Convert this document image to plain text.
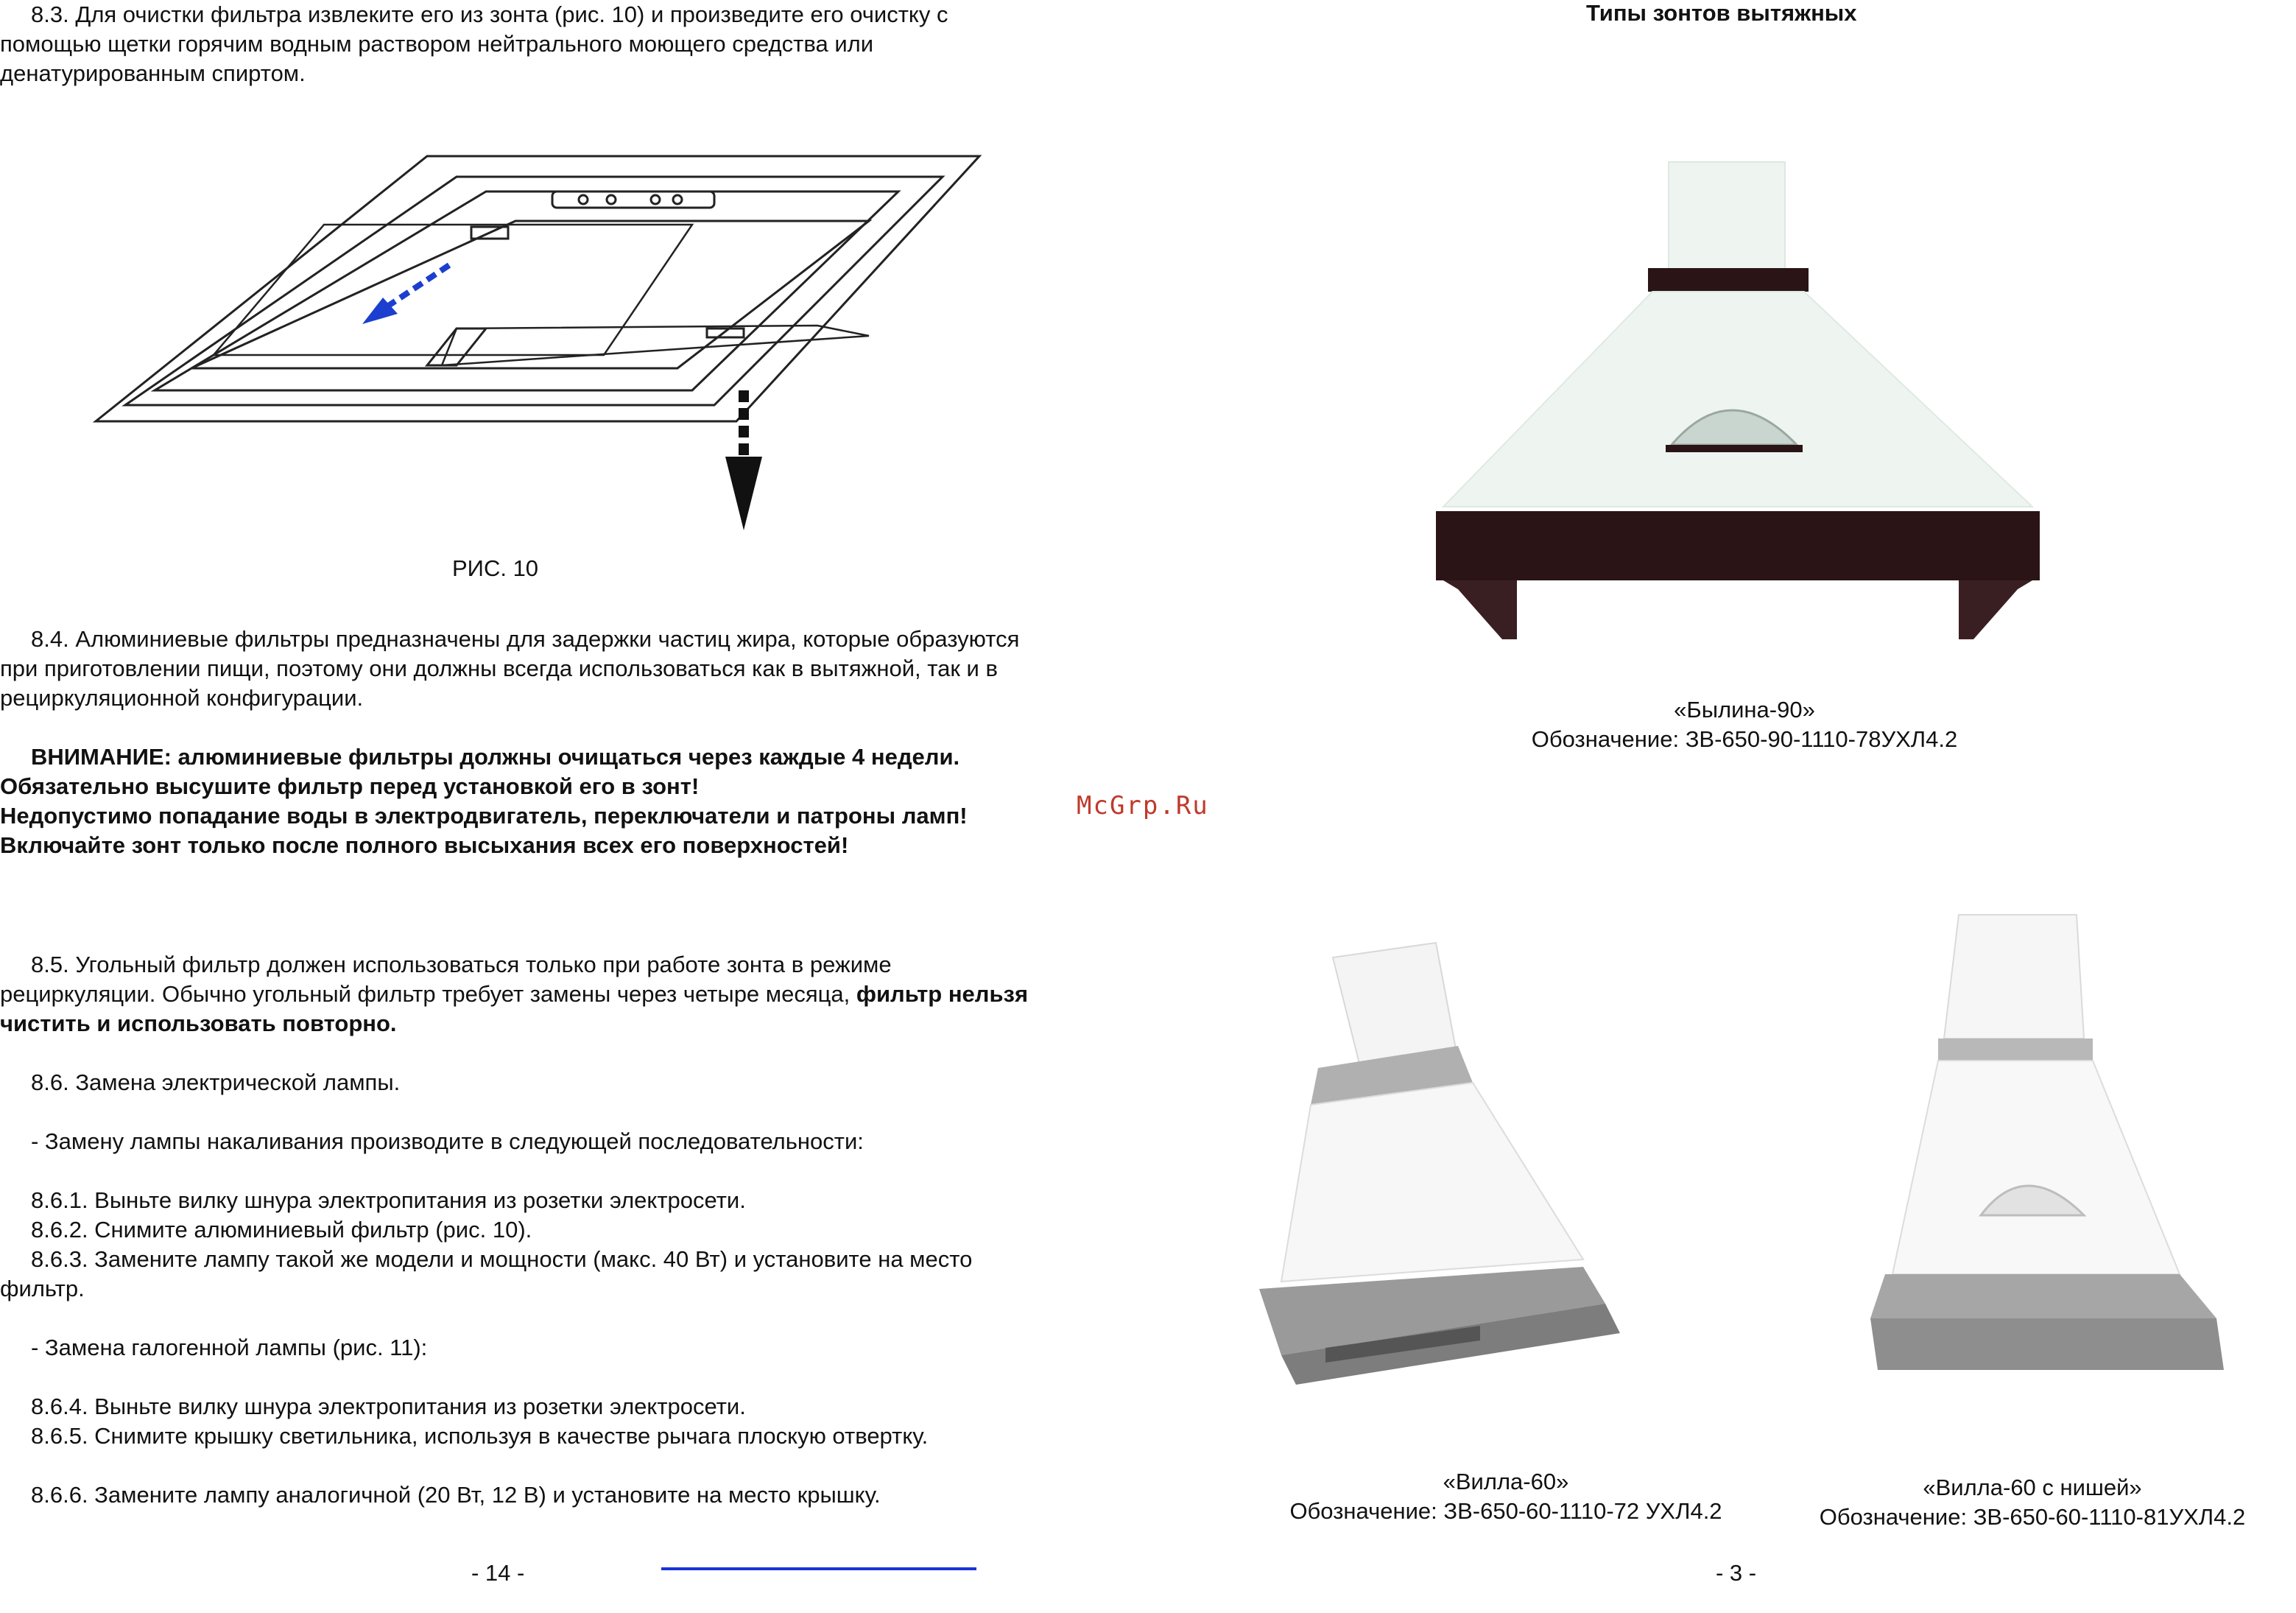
8.3. Для очистки фильтра извлеките его из зонта (рис. 10) и произведите его очистку с помощью щетки горячим водным раствором нейтрального моющего средства или денатурированным спиртом.

РИС. 10

8.4. Алюминиевые фильтры предназначены для задержки частиц жира, которые образуются при приготовлении пищи, поэтому они должны всегда использоваться как в вытяжной, так и в рециркуляционной конфигурации.

ВНИМАНИЕ: алюминиевые фильтры должны очищаться через каждые 4 недели.
Обязательно высушите фильтр перед установкой его в зонт!
Недопустимо попадание воды в электродвигатель, переключатели и патроны ламп! Включайте зонт только после полного высыхания всех его поверхностей!

8.5. Угольный фильтр должен использоваться только при работе зонта в режиме рециркуляции. Обычно угольный фильтр требует замены через четыре месяца, фильтр нельзя чистить и использовать повторно.

8.6. Замена электрической лампы.

- Замену лампы накаливания производите в следующей последовательности:

8.6.1. Выньте вилку шнура электропитания из розетки электросети.

8.6.2. Снимите алюминиевый фильтр (рис. 10).

8.6.3. Замените лампу такой же модели и мощности (макс. 40 Вт) и установите на место фильтр.

- Замена галогенной лампы (рис. 11):

8.6.4. Выньте вилку шнура электропитания из розетки электросети.

8.6.5. Снимите крышку светильника, используя в качестве рычага плоскую отвертку.

8.6.6. Замените лампу аналогичной (20 Вт, 12 В) и установите на место крышку.

- 14 -
McGrp.Ru
Типы зонтов вытяжных
«Былина-90»
Обозначение: ЗВ-650-90-1110-78УХЛ4.2
«Вилла-60»
Обозначение: ЗВ-650-60-1110-72 УХЛ4.2
«Вилла-60 с нишей»
Обозначение: ЗВ-650-60-1110-81УХЛ4.2
- 3 -
